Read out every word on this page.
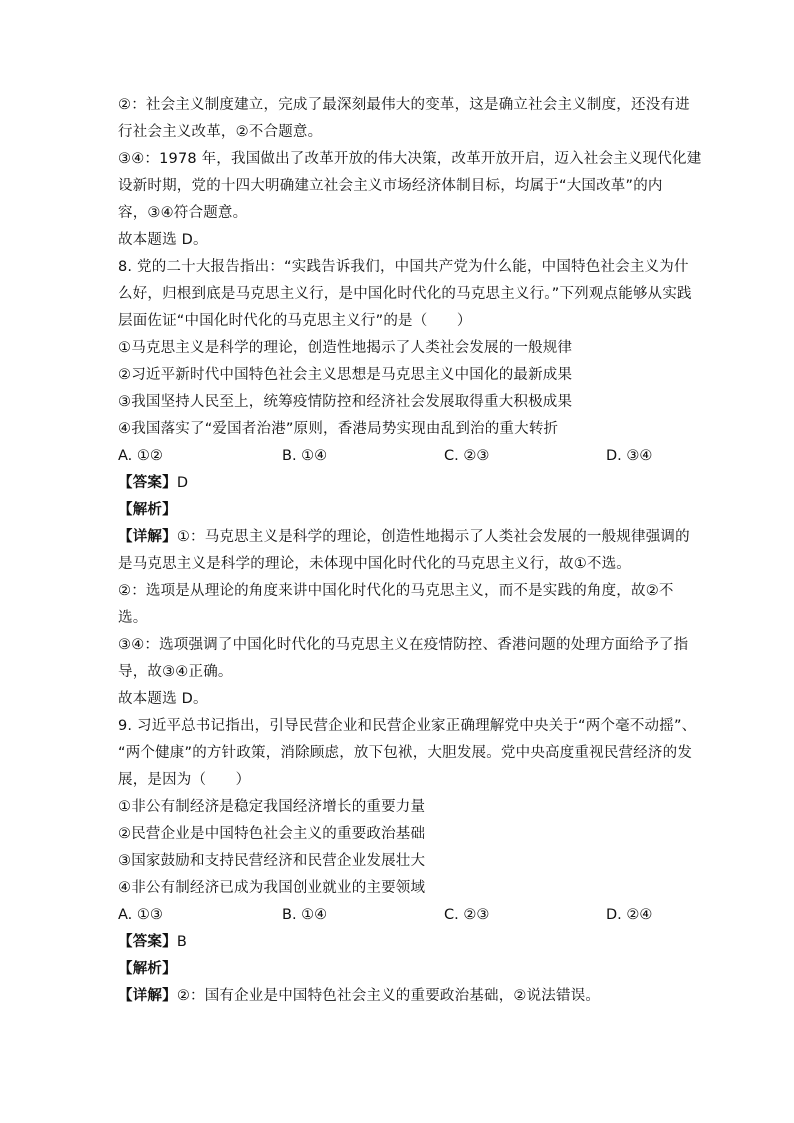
②：社会主义制度建立，完成了最深刻最伟大的变革，这是确立社会主义制度，还没有进

行社会主义改革，②不合题意。

③④：1978 年，我国做出了改革开放的伟大决策，改革开放开启，迈入社会主义现代化建

设新时期，党的十四大明确建立社会主义市场经济体制目标，均属于“大国改革”的内

容，③④符合题意。

故本题选 D。

8. 党的二十大报告指出：“实践告诉我们，中国共产党为什么能，中国特色社会主义为什

么好，归根到底是马克思主义行，是中国化时代化的马克思主义行。”下列观点能够从实践

层面佐证“中国化时代化的马克思主义行”的是（　　）

①马克思主义是科学的理论，创造性地揭示了人类社会发展的一般规律

②习近平新时代中国特色社会主义思想是马克思主义中国化的最新成果

③我国坚持人民至上，统筹疫情防控和经济社会发展取得重大积极成果

④我国落实了“爱国者治港”原则，香港局势实现由乱到治的重大转折

A. ①②	B. ①④	C. ②③	D. ③④

【答案】D

【解析】

【详解】①：马克思主义是科学的理论，创造性地揭示了人类社会发展的一般规律强调的

是马克思主义是科学的理论，未体现中国化时代化的马克思主义行，故①不选。

②：选项是从理论的角度来讲中国化时代化的马克思主义，而不是实践的角度，故②不

选。

③④：选项强调了中国化时代化的马克思主义在疫情防控、香港问题的处理方面给予了指

导，故③④正确。

故本题选 D。

9. 习近平总书记指出，引导民营企业和民营企业家正确理解党中央关于“两个毫不动摇”、

“两个健康”的方针政策，消除顾虑，放下包袱，大胆发展。党中央高度重视民营经济的发

展，是因为（　　）

①非公有制经济是稳定我国经济增长的重要力量

②民营企业是中国特色社会主义的重要政治基础

③国家鼓励和支持民营经济和民营企业发展壮大

④非公有制经济已成为我国创业就业的主要领域

A. ①③	B. ①④	C. ②③	D. ②④

【答案】B

【解析】

【详解】②：国有企业是中国特色社会主义的重要政治基础，②说法错误。
